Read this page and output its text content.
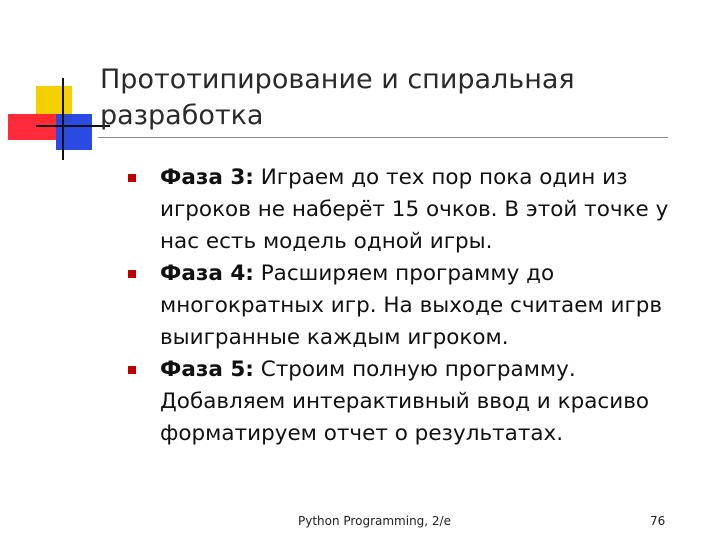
Прототипирование и спиральная разработка
Фаза 3: Играем до тех пор пока один из игроков не наберёт 15 очков. В этой точке у нас есть модель одной игры.
Фаза 4: Расширяем программу до многократных игр. На выходе считаем игрв выигранные каждым игроком.
Фаза 5: Строим полную программу. Добавляем интерактивный ввод и красиво форматируем отчет о результатах.
Python Programming, 2/e	76
